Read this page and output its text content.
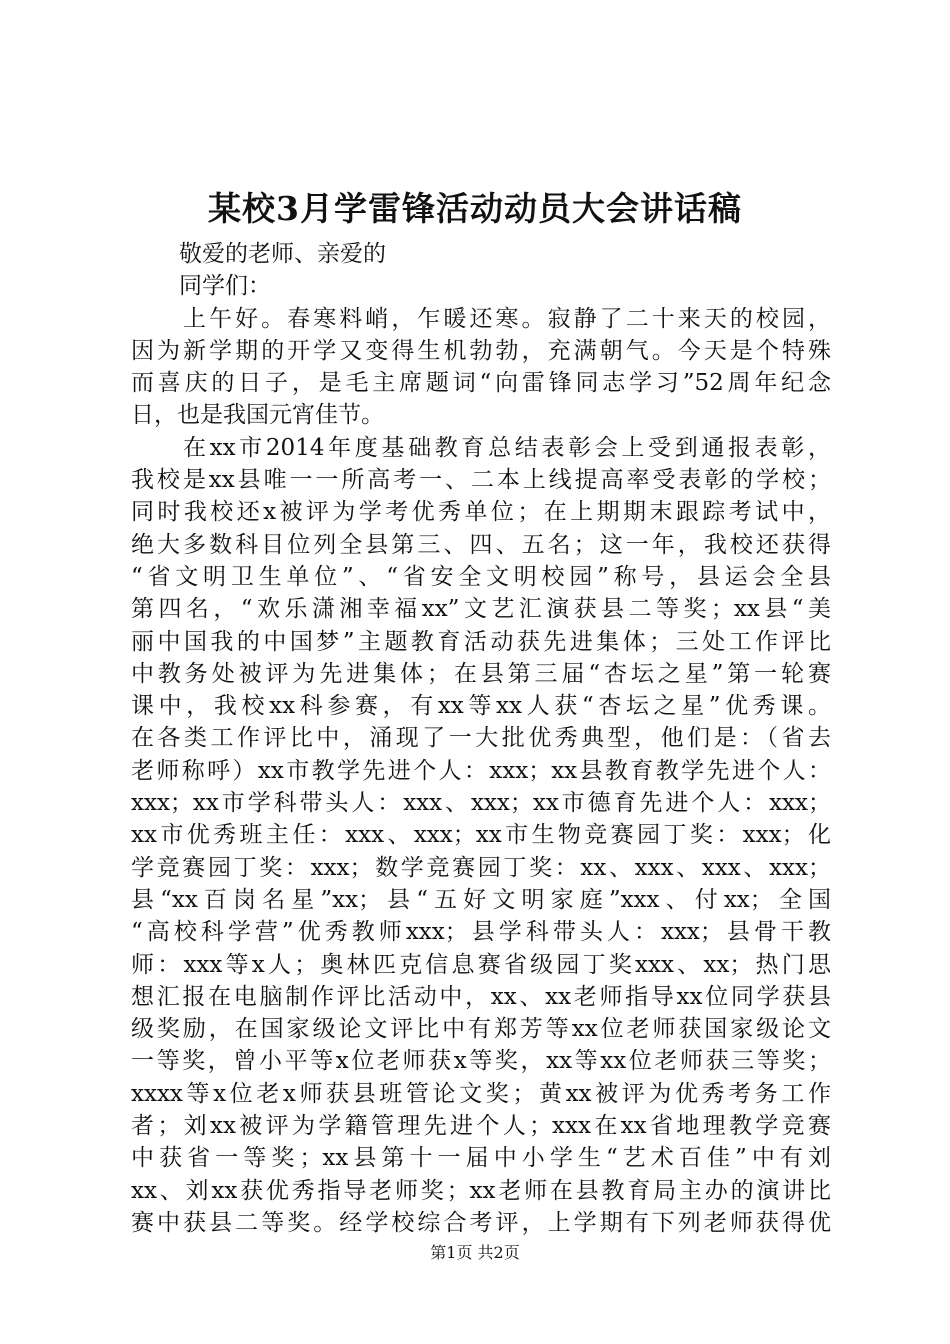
某校3月学雷锋活动动员大会讲话稿
敬爱的老师、亲爱的
同学们：
上午好。春寒料峭，乍暖还寒。寂静了二十来天的校园，
因为新学期的开学又变得生机勃勃，充满朝气。今天是个特殊
而喜庆的日子，是毛主席题词“向雷锋同志学习”52周年纪念
日，也是我国元宵佳节。
在xx市2014年度基础教育总结表彰会上受到通报表彰，
我校是xx县唯一一所高考一、二本上线提高率受表彰的学校；
同时我校还x被评为学考优秀单位；在上期期末跟踪考试中，
绝大多数科目位列全县第三、四、五名；这一年，我校还获得
“省文明卫生单位”、“省安全文明校园”称号，县运会全县
第四名，“欢乐潇湘幸福xx”文艺汇演获县二等奖；xx县“美
丽中国我的中国梦”主题教育活动获先进集体；三处工作评比
中教务处被评为先进集体；在县第三届“杏坛之星”第一轮赛
课中，我校xx科参赛，有xx等xx人获“杏坛之星”优秀课。
在各类工作评比中，涌现了一大批优秀典型，他们是：（省去
老师称呼）xx市教学先进个人：xxx；xx县教育教学先进个人：
xxx；xx市学科带头人：xxx、xxx；xx市德育先进个人：xxx；
xx市优秀班主任：xxx、xxx；xx市生物竞赛园丁奖：xxx；化
学竞赛园丁奖：xxx；数学竞赛园丁奖：xx、xxx、xxx、xxx；
县“xx百岗名星”xx；县“五好文明家庭”xxx、付xx；全国
“高校科学营”优秀教师xxx；县学科带头人：xxx；县骨干教
师：xxx等x人；奥林匹克信息赛省级园丁奖xxx、xx；热门思
想汇报在电脑制作评比活动中，xx、xx老师指导xx位同学获县
级奖励，在国家级论文评比中有郑芳等xx位老师获国家级论文
一等奖，曾小平等x位老师获x等奖，xx等xx位老师获三等奖；
xxxx等x位老x师获县班管论文奖；黄xx被评为优秀考务工作
者；刘xx被评为学籍管理先进个人；xxx在xx省地理教学竞赛
中获省一等奖；xx县第十一届中小学生“艺术百佳”中有刘
xx、刘xx获优秀指导老师奖；xx老师在县教育局主办的演讲比
赛中获县二等奖。经学校综合考评，上学期有下列老师获得优
第1页 共2页
